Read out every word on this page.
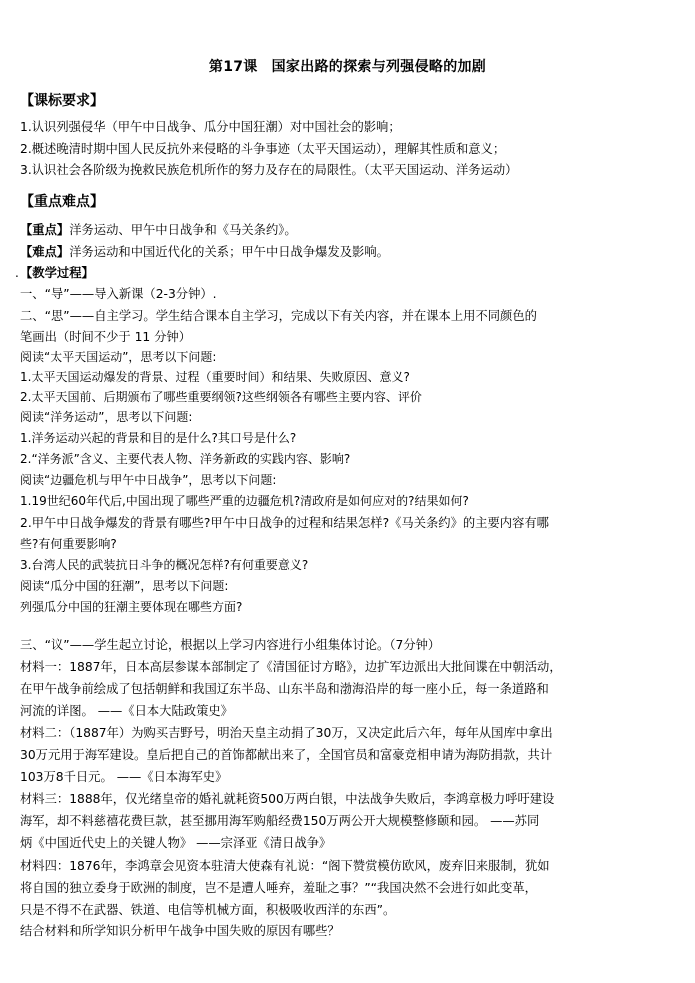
第17课 国家出路的探索与列强侵略的加剧
【课标要求】
1.认识列强侵华（甲午中日战争、瓜分中国狂潮）对中国社会的影响；
2.概述晚清时期中国人民反抗外来侵略的斗争事迹（太平天国运动），理解其性质和意义；
3.认识社会各阶级为挽救民族危机所作的努力及存在的局限性。（太平天国运动、洋务运动）
【重点难点】
【重点】洋务运动、甲午中日战争和《马关条约》。
【难点】洋务运动和中国近代化的关系；甲午中日战争爆发及影响。
. 【教学过程】
一、“导”——导入新课（2-3分钟）.
二、“思”——自主学习。学生结合课本自主学习，完成以下有关内容，并在课本上用不同颜色的
笔画出（时间不少于 11 分钟）
阅读“太平天国运动”，思考以下问题:
1.太平天国运动爆发的背景、过程（重要时间）和结果、失败原因、意义?
2.太平天国前、后期颁布了哪些重要纲领?这些纲领各有哪些主要内容、评价
阅读“洋务运动”，思考以下问题:
1.洋务运动兴起的背景和目的是什么?其口号是什么?
2.“洋务派”含义、主要代表人物、洋务新政的实践内容、影响?
阅读“边疆危机与甲午中日战争”，思考以下问题:
1.19世纪60年代后,中国出现了哪些严重的边疆危机?清政府是如何应对的?结果如何?
2.甲午中日战争爆发的背景有哪些?甲午中日战争的过程和结果怎样?《马关条约》的主要内容有哪
些?有何重要影响?
3.台湾人民的武装抗日斗争的概况怎样?有何重要意义?
阅读“瓜分中国的狂潮”，思考以下问题:
列强瓜分中国的狂潮主要体现在哪些方面?
三、“议”——学生起立讨论，根据以上学习内容进行小组集体讨论。（7分钟）
材料一：1887年，日本高层参谋本部制定了《清国征讨方略》，边扩军边派出大批间谍在中朝活动，
在甲午战争前绘成了包括朝鲜和我国辽东半岛、山东半岛和渤海沿岸的每一座小丘，每一条道路和
河流的详图。 ——《日本大陆政策史》
材料二：（1887年）为购买吉野号，明治天皇主动捐了30万，又决定此后六年，每年从国库中拿出
30万元用于海军建设。皇后把自己的首饰都献出来了，全国官员和富豪竞相申请为海防捐款，共计
103万8千日元。 ——《日本海军史》
材料三：1888年，仅光绪皇帝的婚礼就耗资500万两白银，中法战争失败后，李鸿章极力呼吁建设
海军，却不料慈禧花费巨款，甚至挪用海军购船经费150万两公开大规模整修颐和园。 ——苏同
炳《中国近代史上的关键人物》 ——宗泽亚《清日战争》
材料四：1876年，李鸿章会见资本驻清大使森有礼说：“阁下赞赏模仿欧风，废弃旧来服制，犹如
将自国的独立委身于欧洲的制度，岂不是遭人唾弃，羞耻之事？”“我国决然不会进行如此变革，
只是不得不在武器、铁道、电信等机械方面，积极吸收西洋的东西”。
结合材料和所学知识分析甲午战争中国失败的原因有哪些？
